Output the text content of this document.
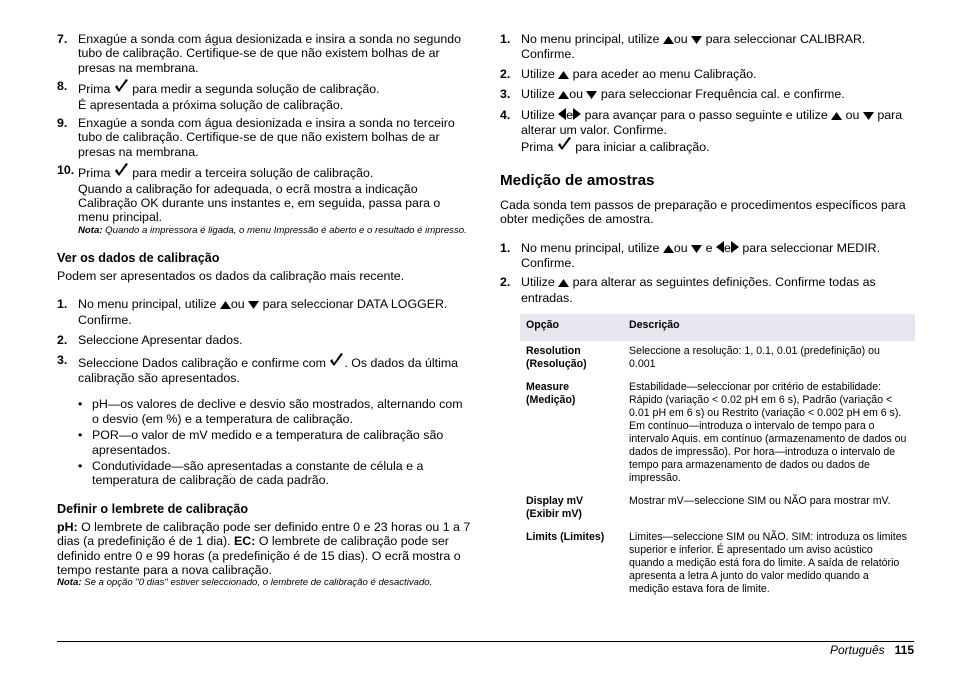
7. Enxagúe a sonda com água desionizada e insira a sonda no segundo tubo de calibração. Certifique-se de que não existem bolhas de ar presas na membrana.
8. Prima para medir a segunda solução de calibração.
É apresentada a próxima solução de calibração.
9. Enxagúe a sonda com água desionizada e insira a sonda no terceiro tubo de calibração. Certifique-se de que não existem bolhas de ar presas na membrana.
10. Prima para medir a terceira solução de calibração.
Quando a calibração for adequada, o ecrã mostra a indicação Calibração OK durante uns instantes e, em seguida, passa para o menu principal.

Nota: Quando a impressora é ligada, o menu Impressão é aberto e o resultado é impresso.

Ver os dados de calibração

Podem ser apresentados os dados da calibração mais recente.

1. No menu principal, utilize ou para seleccionar DATA LOGGER. Confirme.
2. Seleccione Apresentar dados.
3. Seleccione Dados calibração e confirme com . Os dados da última calibração são apresentados.
• pH—os valores de declive e desvio são mostrados, alternando com o desvio (em %) e a temperatura de calibração.
• POR—o valor de mV medido e a temperatura de calibração são apresentados.
• Condutividade—são apresentadas a constante de célula e a temperatura de calibração de cada padrão.
Definir o lembrete de calibração

pH: O lembrete de calibração pode ser definido entre 0 e 23 horas ou 1 a 7 dias (a predefinição é de 1 dia). EC: O lembrete de calibração pode ser definido entre 0 e 99 horas (a predefinição é de 15 dias). O ecrã mostra o tempo restante para a nova calibração.

Nota: Se a opção "0 dias" estiver seleccionado, o lembrete de calibração é desactivado.

1. No menu principal, utilize ou para seleccionar CALIBRAR. Confirme.
2. Utilize para aceder ao menu Calibração.
3. Utilize ou para seleccionar Frequência cal. e confirme.
4. Utilize e para avançar para o passo seguinte e utilize ou para alterar um valor. Confirme.
Prima para iniciar a calibração.
Medição de amostras

Cada sonda tem passos de preparação e procedimentos específicos para obter medições de amostra.

1. No menu principal, utilize ou e e para seleccionar MEDIR. Confirme.
2. Utilize para alterar as seguintes definições. Confirme todas as entradas.
Opção	Descrição
Resolution (Resolução)	Seleccione a resolução: 1, 0.1, 0.01 (predefinição) ou 0.001
Measure (Medição)	Estabilidade—seleccionar por critério de estabilidade: Rápido (variação < 0.02 pH em 6 s), Padrão (variação < 0.01 pH em 6 s) ou Restrito (variação < 0.002 pH em 6 s). Em contínuo—introduza o intervalo de tempo para o intervalo Aquis. em contínuo (armazenamento de dados ou dados de impressão). Por hora—introduza o intervalo de tempo para armazenamento de dados ou dados de impressão.
Display mV (Exibir mV)	Mostrar mV—seleccione SIM ou NÃO para mostrar mV.
Limits (Limites)	Limites—seleccione SIM ou NÃO. SIM: introduza os limites superior e inferior. É apresentado um aviso acústico quando a medição está fora do limite. A saída de relatório apresenta a letra A junto do valor medido quando a medição estava fora de limite.
Português 115
